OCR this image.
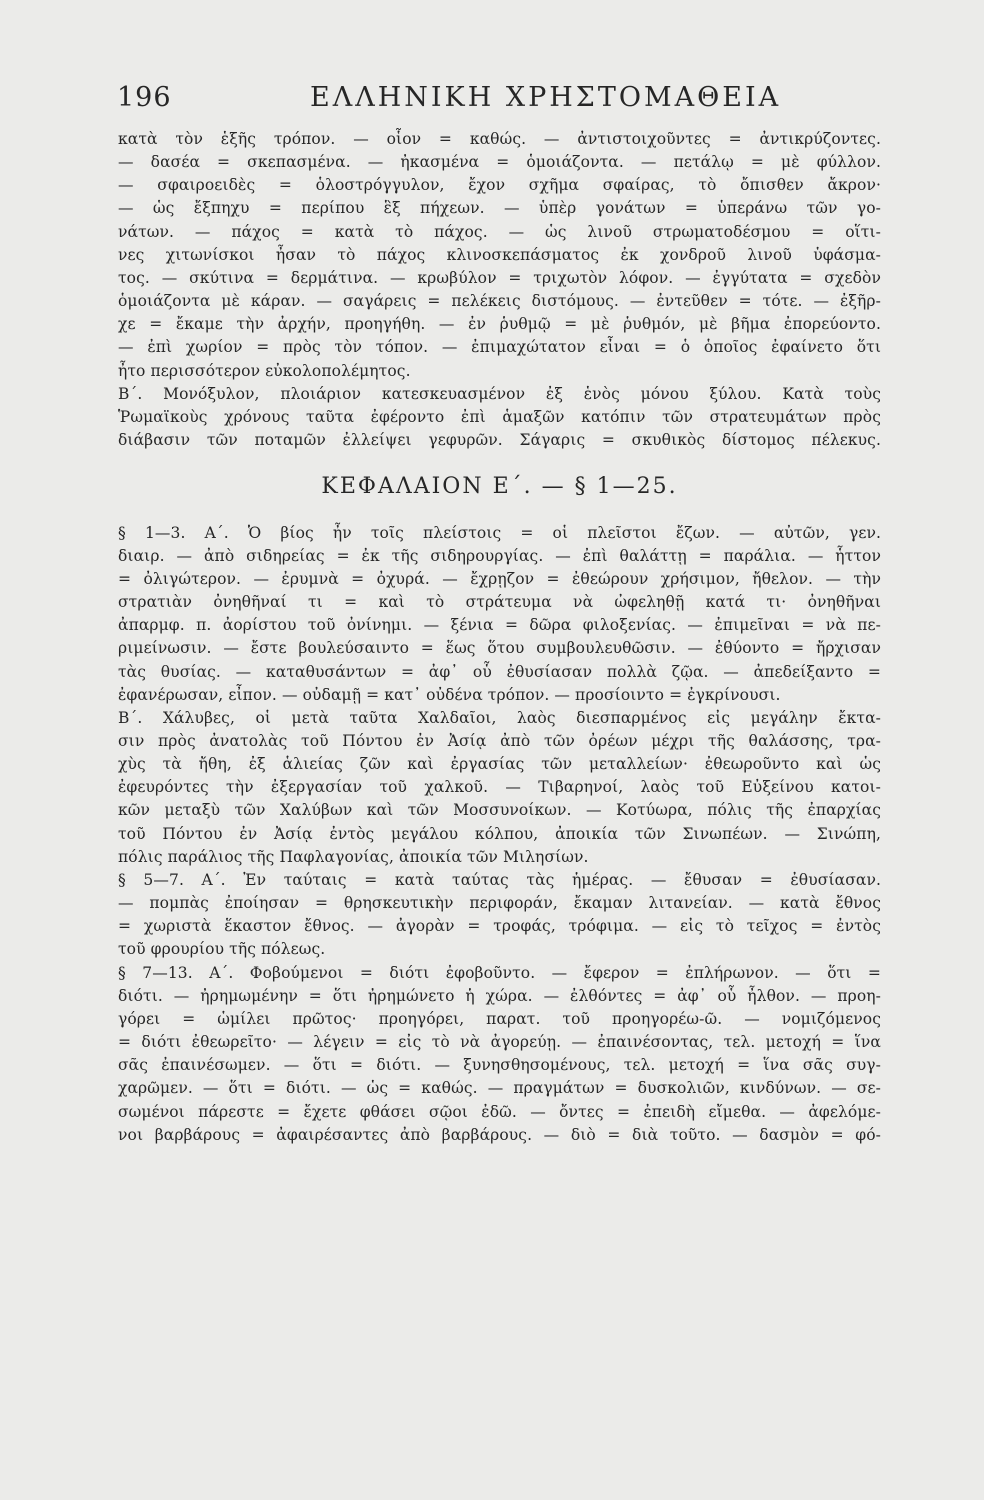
196	ΕΛΛΗΝΙΚΗ ΧΡΗΣΤΟΜΑΘΕΙΑ
κατὰ τὸν ἑξῆς τρόπον. — οἷον = καθώς. — ἀντιστοιχοῦντες = ἀντικρύζοντες.
— δασέα = σκεπασμένα. — ἠκασμένα = ὁμοιάζοντα. — πετάλῳ = μὲ φύλλον.
— σφαιροειδὲς = ὁλοστρόγγυλον, ἔχον σχῆμα σφαίρας, τὸ ὄπισθεν ἄκρον·
— ὡς ἔξπηχυ = περίπου ἓξ πήχεων. — ὑπὲρ γονάτων = ὑπεράνω τῶν γο-
νάτων. — πάχος = κατὰ τὸ πάχος. — ὡς λινοῦ στρωματοδέσμου = οἵτι-
νες χιτωνίσκοι ἦσαν τὸ πάχος κλινοσκεπάσματος ἐκ χονδροῦ λινοῦ ὑφάσμα-
τος. — σκύτινα = δερμάτινα. — κρωβύλον = τριχωτὸν λόφον. — ἐγγύτατα = σχεδὸν
ὁμοιάζοντα μὲ κάραν. — σαγάρεις = πελέκεις διστόμους. — ἐντεῦθεν = τότε. — ἐξῆρ-
χε = ἔκαμε τὴν ἀρχήν, προηγήθη. — ἐν ῥυθμῷ = μὲ ῥυθμόν, μὲ βῆμα ἐπορεύοντο.
— ἐπὶ χωρίον = πρὸς τὸν τόπον. — ἐπιμαχώτατον εἶναι = ὁ ὁποῖος ἐφαίνετο ὅτι
ἦτο περισσότερον εὐκολοπολέμητος.
Β΄. Μονόξυλον, πλοιάριον κατεσκευασμένον ἐξ ἑνὸς μόνου ξύλου. Κατὰ τοὺς
Ῥωμαϊκοὺς χρόνους ταῦτα ἐφέροντο ἐπὶ ἁμαξῶν κατόπιν τῶν στρατευμάτων πρὸς
διάβασιν τῶν ποταμῶν ἐλλείψει γεφυρῶν. Σάγαρις = σκυθικὸς δίστομος πέλεκυς.
ΚΕΦΑΛΑΙΟΝ Ε΄. — § 1—25.
§ 1—3. Α΄. Ὁ βίος ἦν τοῖς πλείστοις = οἱ πλεῖστοι ἔζων. — αὐτῶν, γεν.
διαιρ. — ἀπὸ σιδηρείας = ἐκ τῆς σιδηρουργίας. — ἐπὶ θαλάττῃ = παράλια. — ἧττον
= ὀλιγώτερον. — ἐρυμνὰ = ὀχυρά. — ἔχρῃζον = ἐθεώρουν χρήσιμον, ἤθελον. — τὴν
στρατιὰν ὀνηθῆναί τι = καὶ τὸ στράτευμα νὰ ὠφεληθῇ κατά τι· ὀνηθῆναι
ἀπαρμφ. π. ἀορίστου τοῦ ὀνίνημι. — ξένια = δῶρα φιλοξενίας. — ἐπιμεῖναι = νὰ πε-
ριμείνωσιν. — ἔστε βουλεύσαιντο = ἕως ὅτου συμβουλευθῶσιν. — ἐθύοντο = ἤρχισαν
τὰς θυσίας. — καταθυσάντων = ἀφ᾽ οὗ ἐθυσίασαν πολλὰ ζῷα. — ἀπεδείξαντο =
ἐφανέρωσαν, εἶπον. — οὐδαμῇ = κατ᾽ οὐδένα τρόπον. — προσίοιντο = ἐγκρίνουσι.
Β΄. Χάλυβες, οἱ μετὰ ταῦτα Χαλδαῖοι, λαὸς διεσπαρμένος εἰς μεγάλην ἔκτα-
σιν πρὸς ἀνατολὰς τοῦ Πόντου ἐν Ἀσίᾳ ἀπὸ τῶν ὀρέων μέχρι τῆς θαλάσσης, τρα-
χὺς τὰ ἤθη, ἐξ ἁλιείας ζῶν καὶ ἐργασίας τῶν μεταλλείων· ἐθεωροῦντο καὶ ὡς
ἐφευρόντες τὴν ἐξεργασίαν τοῦ χαλκοῦ. — Τιβαρηνοί, λαὸς τοῦ Εὐξείνου κατοι-
κῶν μεταξὺ τῶν Χαλύβων καὶ τῶν Μοσσυνοίκων. — Κοτύωρα, πόλις τῆς ἐπαρχίας
τοῦ Πόντου ἐν Ἀσίᾳ ἐντὸς μεγάλου κόλπου, ἀποικία τῶν Σινωπέων. — Σινώπη,
πόλις παράλιος τῆς Παφλαγονίας, ἀποικία τῶν Μιλησίων.
§ 5—7. Α΄. Ἐν ταύταις = κατὰ ταύτας τὰς ἡμέρας. — ἔθυσαν = ἐθυσίασαν.
— πομπὰς ἐποίησαν = θρησκευτικὴν περιφοράν, ἔκαμαν λιτανείαν. — κατὰ ἔθνος
= χωριστὰ ἕκαστον ἔθνος. — ἀγορὰν = τροφάς, τρόφιμα. — εἰς τὸ τεῖχος = ἐντὸς
τοῦ φρουρίου τῆς πόλεως.
§ 7—13. Α΄. Φοβούμενοι = διότι ἐφοβοῦντο. — ἔφερον = ἐπλήρωνον. — ὅτι =
διότι. — ἠρημωμένην = ὅτι ἠρημώνετο ἡ χώρα. — ἐλθόντες = ἀφ᾽ οὗ ἦλθον. — προη-
γόρει = ὡμίλει πρῶτος· προηγόρει, παρατ. τοῦ προηγορέω-ῶ. — νομιζόμενος
= διότι ἐθεωρεῖτο· — λέγειν = εἰς τὸ νὰ ἀγορεύῃ. — ἐπαινέσοντας, τελ. μετοχή = ἵνα
σᾶς ἐπαινέσωμεν. — ὅτι = διότι. — ξυνησθησομένους, τελ. μετοχή = ἵνα σᾶς συγ-
χαρῶμεν. — ὅτι = διότι. — ὡς = καθώς. — πραγμάτων = δυσκολιῶν, κινδύνων. — σε-
σωμένοι πάρεστε = ἔχετε φθάσει σῷοι ἐδῶ. — ὄντες = ἐπειδὴ εἴμεθα. — ἀφελόμε-
νοι βαρβάρους = ἀφαιρέσαντες ἀπὸ βαρβάρους. — διὸ = διὰ τοῦτο. — δασμὸν = φό-
